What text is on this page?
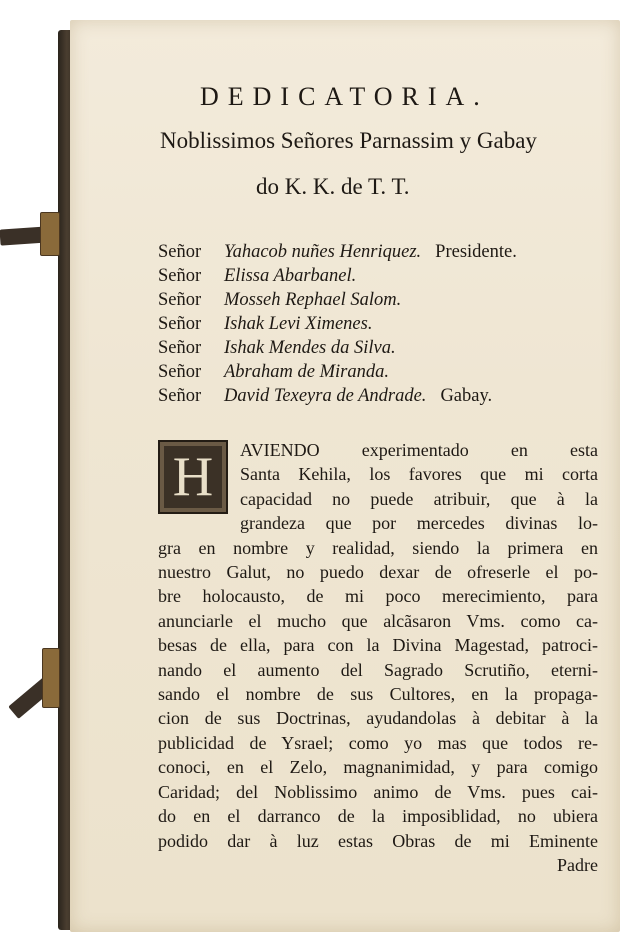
DEDICATORIA.
Noblissimos Señores Parnassim y Gabay
do K. K. de T. T.
Señor Yahacob nuñes Henriquez. Presidente.
Señor Elissa Abarbanel.
Señor Mosseh Rephael Salom.
Señor Ishak Levi Ximenes.
Señor Ishak Mendes da Silva.
Señor Abraham de Miranda.
Señor David Texeyra de Andrade. Gabay.
H	AVIENDO experimentado en esta
Santa Kehila, los favores que mi corta
capacidad no puede atribuir, que à la
grandeza que por mercedes divinas lo-
gra en nombre y realidad, siendo la primera en
nuestro Galut, no puedo dexar de ofreserle el po-
bre holocausto, de mi poco merecimiento, para
anunciarle el mucho que alcãsaron Vms. como ca-
besas de ella, para con la Divina Magestad, patroci-
nando el aumento del Sagrado Scrutiño, eterni-
sando el nombre de sus Cultores, en la propaga-
cion de sus Doctrinas, ayudandolas à debitar à la
publicidad de Ysrael; como yo mas que todos re-
conoci, en el Zelo, magnanimidad, y para comigo
Caridad; del Noblissimo animo de Vms. pues cai-
do en el darranco de la imposiblidad, no ubiera
podido dar à luz estas Obras de mi Eminente
Padre
